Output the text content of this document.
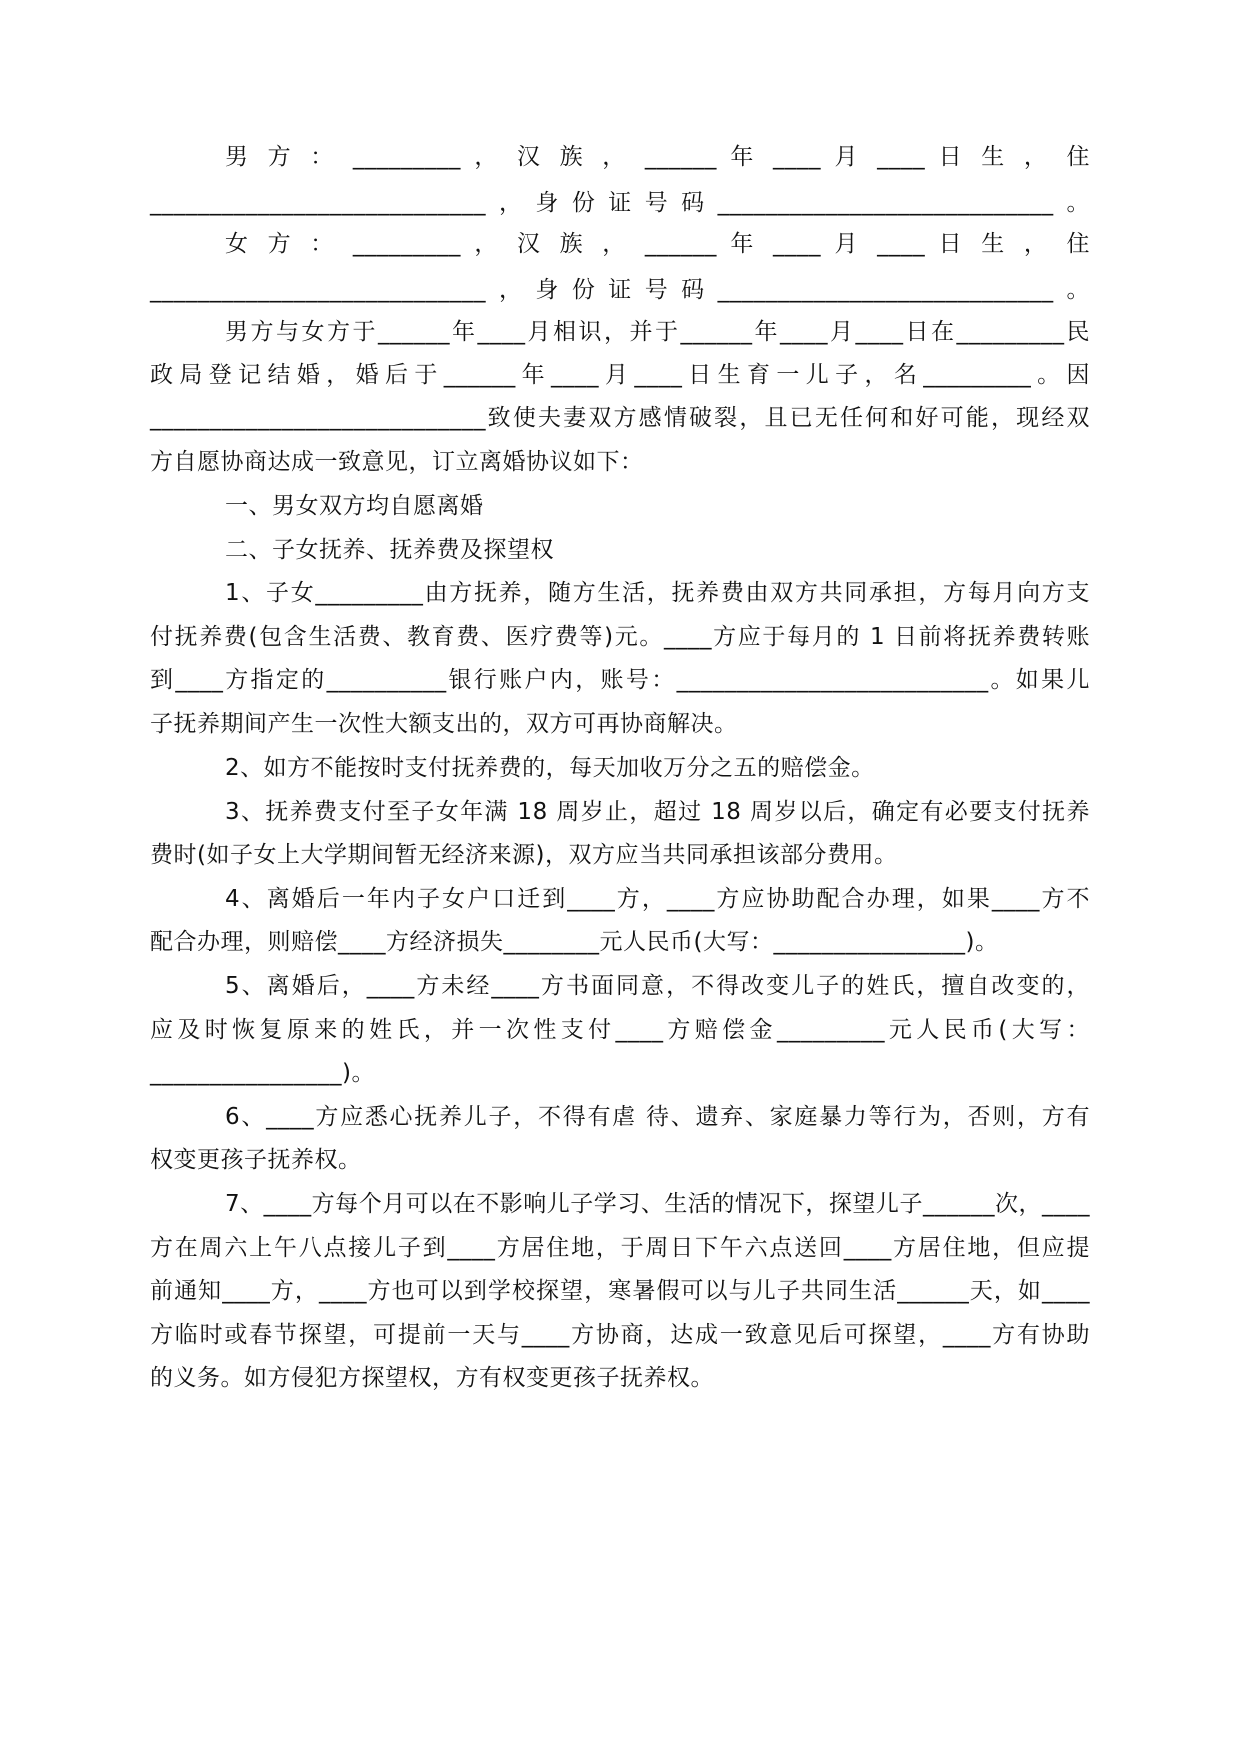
男 方 ： _________ ， 汉 族 ， ______ 年 ____ 月 ____ 日 生 ， 住
____________________________，身份证号码____________________________。
女 方 ： _________ ， 汉 族 ， ______ 年 ____ 月 ____ 日 生 ， 住
____________________________，身份证号码____________________________。
男方与女方于______年____月相识，并于______年____月____日在_________民
政局登记结婚，婚后于______年____月____日生育一儿子，名_________。因
____________________________致使夫妻双方感情破裂，且已无任何和好可能，现经双
方自愿协商达成一致意见，订立离婚协议如下：
一、男女双方均自愿离婚
二、子女抚养、抚养费及探望权
1、子女_________由方抚养，随方生活，抚养费由双方共同承担，方每月向方支
付抚养费(包含生活费、教育费、医疗费等)元。____方应于每月的 1 日前将抚养费转账
到____方指定的__________银行账户内，账号：__________________________。如果儿
子抚养期间产生一次性大额支出的，双方可再协商解决。
2、如方不能按时支付抚养费的，每天加收万分之五的赔偿金。
3、抚养费支付至子女年满 18 周岁止，超过 18 周岁以后，确定有必要支付抚养
费时(如子女上大学期间暂无经济来源)，双方应当共同承担该部分费用。
4、离婚后一年内子女户口迁到____方，____方应协助配合办理，如果____方不
配合办理，则赔偿____方经济损失________元人民币(大写：________________)。
5、离婚后，____方未经____方书面同意，不得改变儿子的姓氏，擅自改变的，
应及时恢复原来的姓氏，并一次性支付____方赔偿金_________元人民币(大写：
________________)。
6、____方应悉心抚养儿子，不得有虐 待、遗弃、家庭暴力等行为，否则，方有
权变更孩子抚养权。
7、____方每个月可以在不影响儿子学习、生活的情况下，探望儿子______次，____
方在周六上午八点接儿子到____方居住地，于周日下午六点送回____方居住地，但应提
前通知____方，____方也可以到学校探望，寒暑假可以与儿子共同生活______天，如____
方临时或春节探望，可提前一天与____方协商，达成一致意见后可探望，____方有协助
的义务。如方侵犯方探望权，方有权变更孩子抚养权。
